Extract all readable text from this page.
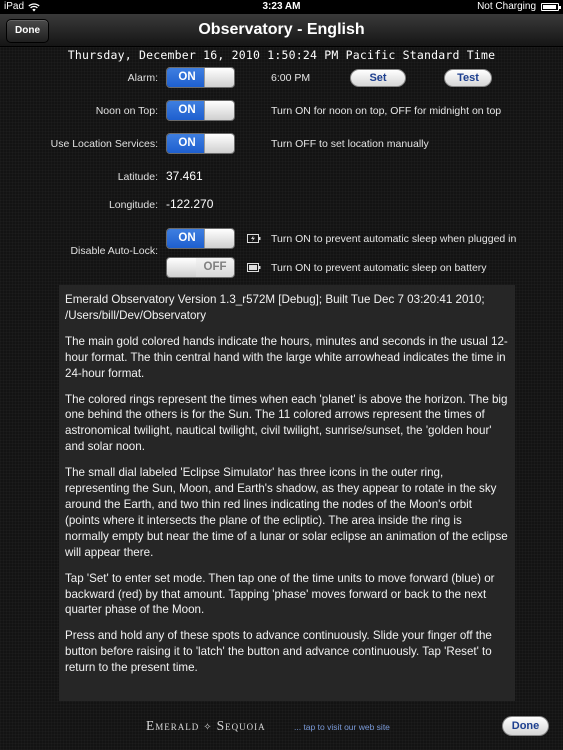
iPad	3:23 AM	Not Charging
Done	Observatory - English
Thursday, December 16, 2010 1:50:24 PM Pacific Standard Time
Alarm:	ON	6:00 PM	Set	Test
Noon on Top:	ON	Turn ON for noon on top, OFF for midnight on top
Use Location Services:	ON	Turn OFF to set location manually
Latitude: 37.461
Longitude: -122.270
Disable Auto-Lock:
ON	Turn ON to prevent automatic sleep when plugged in
OFF	Turn ON to prevent automatic sleep on battery

Emerald Observatory Version 1.3_r572M [Debug]; Built Tue Dec 7 03:20:41 2010; /Users/bill/Dev/Observatory

The main gold colored hands indicate the hours, minutes and seconds in the usual 12-hour format. The thin central hand with the large white arrowhead indicates the time in 24-hour format.

The colored rings represent the times when each 'planet' is above the horizon. The big one behind the others is for the Sun. The 11 colored arrows represent the times of astronomical twilight, nautical twilight, civil twilight, sunrise/sunset, the 'golden hour' and solar noon.

The small dial labeled 'Eclipse Simulator' has three icons in the outer ring, representing the Sun, Moon, and Earth's shadow, as they appear to rotate in the sky around the Earth, and two thin red lines indicating the nodes of the Moon's orbit (points where it intersects the plane of the ecliptic). The area inside the ring is normally empty but near the time of a lunar or solar eclipse an animation of the eclipse will appear there.

Tap 'Set' to enter set mode. Then tap one of the time units to move forward (blue) or backward (red) by that amount. Tapping 'phase' moves forward or back to the next quarter phase of the Moon.

Press and hold any of these spots to advance continuously. Slide your finger off the button before raising it to 'latch' the button and advance continuously. Tap 'Reset' to return to the present time.

Emerald ✧ Sequoia	... tap to visit our web site	Done
